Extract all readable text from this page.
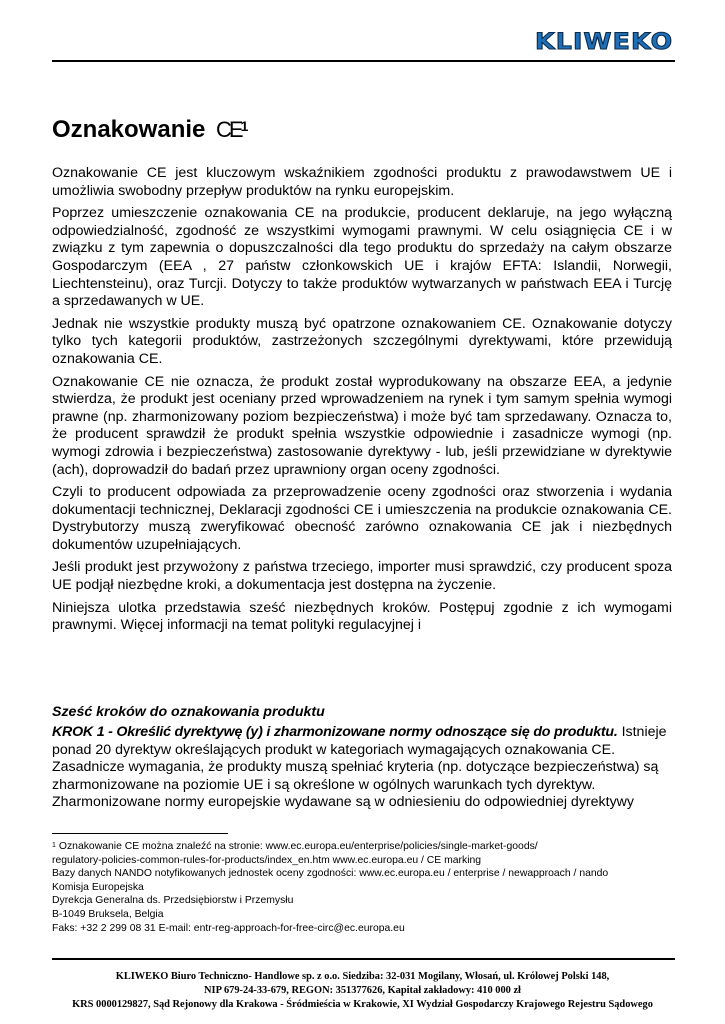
KLIWEKO
Oznakowanie $CE^1$

Oznakowanie CE jest kluczowym wskaźnikiem zgodności produktu z prawodawstwem UE i umożliwia swobodny przepływ produktów na rynku europejskim.

Poprzez umieszczenie oznakowania CE na produkcie, producent deklaruje, na jego wyłączną odpowiedzialność, zgodność ze wszystkimi wymogami prawnymi. W celu osiągnięcia CE i w związku z tym zapewnia o dopuszczalności dla tego produktu do sprzedaży na całym obszarze Gospodarczym (EEA , 27 państw członkowskich UE i krajów EFTA: Islandii, Norwegii, Liechtensteinu), oraz Turcji. Dotyczy to także produktów wytwarzanych w państwach EEA i Turcję a sprzedawanych w UE.

Jednak nie wszystkie produkty muszą być opatrzone oznakowaniem CE. Oznakowanie dotyczy tylko tych kategorii produktów, zastrzeżonych szczególnymi dyrektywami, które przewidują oznakowania CE.

Oznakowanie CE nie oznacza, że produkt został wyprodukowany na obszarze EEA, a jedynie stwierdza, że produkt jest oceniany przed wprowadzeniem na rynek i tym samym spełnia wymogi prawne (np. zharmonizowany poziom bezpieczeństwa) i może być tam sprzedawany. Oznacza to, że producent sprawdził że produkt spełnia wszystkie odpowiednie i zasadnicze wymogi (np. wymogi zdrowia i bezpieczeństwa) zastosowanie dyrektywy - lub, jeśli przewidziane w dyrektywie (ach), doprowadził do badań przez uprawniony organ oceny zgodności.

Czyli to producent odpowiada za przeprowadzenie oceny zgodności oraz stworzenia i wydania dokumentacji technicznej, Deklaracji zgodności CE i umieszczenia na produkcie oznakowania CE. Dystrybutorzy muszą zweryfikować obecność zarówno oznakowania CE jak i niezbędnych dokumentów uzupełniających.

Jeśli produkt jest przywożony z państwa trzeciego, importer musi sprawdzić, czy producent spoza UE podjął niezbędne kroki, a dokumentacja jest dostępna na życzenie.

Niniejsza ulotka przedstawia sześć niezbędnych kroków. Postępuj zgodnie z ich wymogami prawnymi. Więcej informacji na temat polityki regulacyjnej i

Sześć kroków do oznakowania produktu
KROK 1 - Określić dyrektywę (y) i zharmonizowane normy odnoszące się do produktu. Istnieje ponad 20 dyrektyw określających produkt w kategoriach wymagających oznakowania CE. Zasadnicze wymagania, że produkty muszą spełniać kryteria (np. dotyczące bezpieczeństwa) są zharmonizowane na poziomie UE i są określone w ogólnych warunkach tych dyrektyw. Zharmonizowane normy europejskie wydawane są w odniesieniu do odpowiedniej dyrektywy
$^1$ Oznakowanie CE można znaleźć na stronie: www.ec.europa.eu/enterprise/policies/single-market-goods/
regulatory-policies-common-rules-for-products/index_en.htm www.ec.europa.eu / CE marking
Bazy danych NANDO notyfikowanych jednostek oceny zgodności: www.ec.europa.eu / enterprise / newapproach / nando
Komisja Europejska
Dyrekcja Generalna ds. Przedsiębiorstw i Przemysłu
B-1049 Bruksela, Belgia
Faks: +32 2 299 08 31 E-mail: entr-reg-approach-for-free-circ@ec.europa.eu
KLIWEKO Biuro Techniczno- Handlowe sp. z o.o. Siedziba: 32-031 Mogilany, Włosań, ul. Królowej Polski 148,
NIP 679-24-33-679, REGON: 351377626, Kapitał zakładowy: 410 000 zł
KRS 0000129827, Sąd Rejonowy dla Krakowa - Śródmieścia w Krakowie, XI Wydział Gospodarczy Krajowego Rejestru Sądowego
